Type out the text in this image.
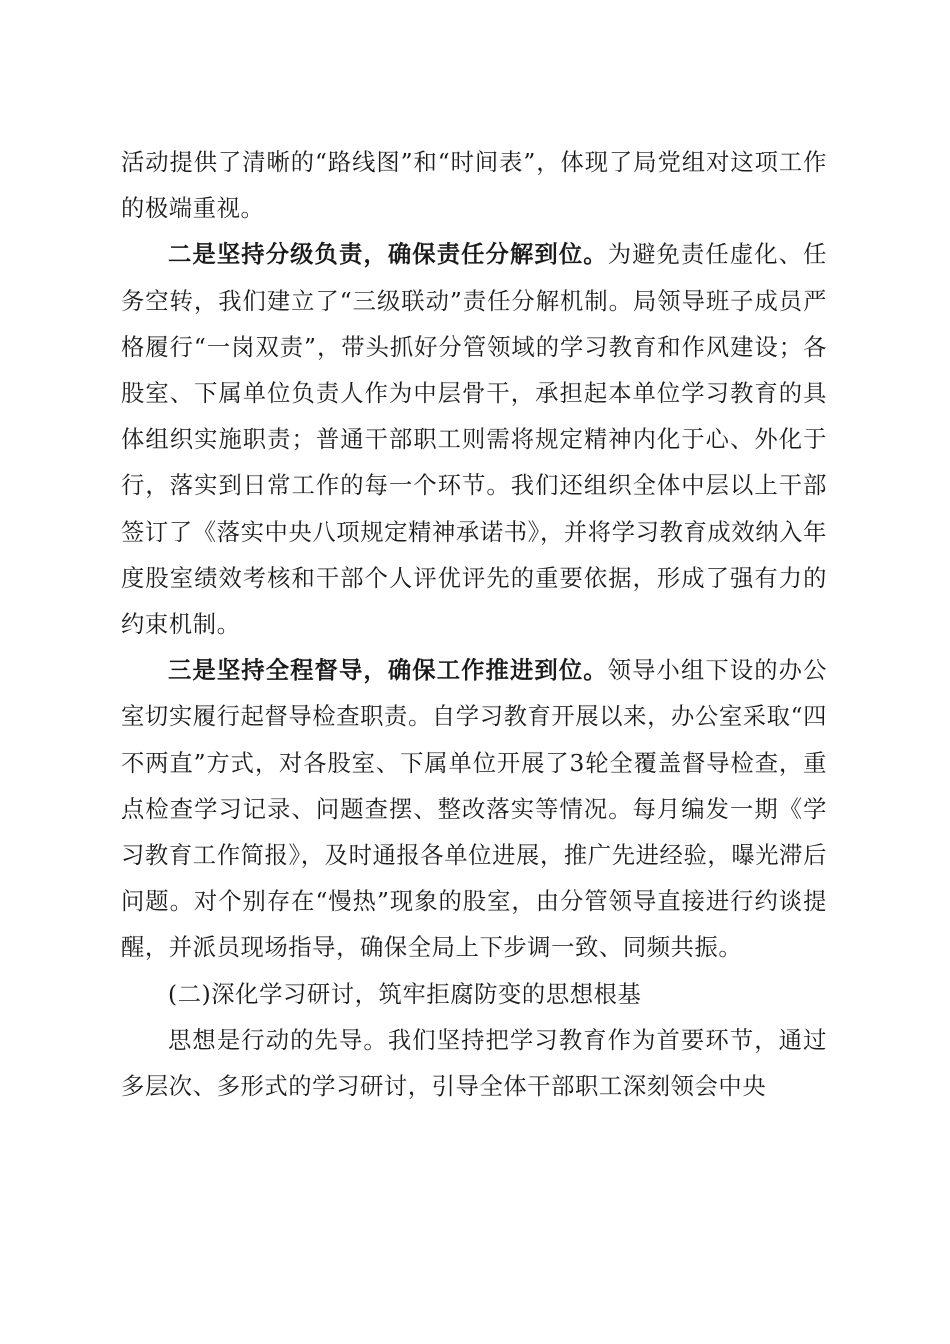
活动提供了清晰的“路线图”和“时间表”，体现了局党组对这项工作的极端重视。

二是坚持分级负责，确保责任分解到位。为避免责任虚化、任务空转，我们建立了“三级联动”责任分解机制。局领导班子成员严格履行“一岗双责”，带头抓好分管领域的学习教育和作风建设；各股室、下属单位负责人作为中层骨干，承担起本单位学习教育的具体组织实施职责；普通干部职工则需将规定精神内化于心、外化于行，落实到日常工作的每一个环节。我们还组织全体中层以上干部签订了《落实中央八项规定精神承诺书》，并将学习教育成效纳入年度股室绩效考核和干部个人评优评先的重要依据，形成了强有力的约束机制。

三是坚持全程督导，确保工作推进到位。领导小组下设的办公室切实履行起督导检查职责。自学习教育开展以来，办公室采取“四不两直”方式，对各股室、下属单位开展了3轮全覆盖督导检查，重点检查学习记录、问题查摆、整改落实等情况。每月编发一期《学习教育工作简报》，及时通报各单位进展，推广先进经验，曝光滞后问题。对个别存在“慢热”现象的股室，由分管领导直接进行约谈提醒，并派员现场指导，确保全局上下步调一致、同频共振。

(二)深化学习研讨，筑牢拒腐防变的思想根基

思想是行动的先导。我们坚持把学习教育作为首要环节，通过多层次、多形式的学习研讨，引导全体干部职工深刻领会中央
